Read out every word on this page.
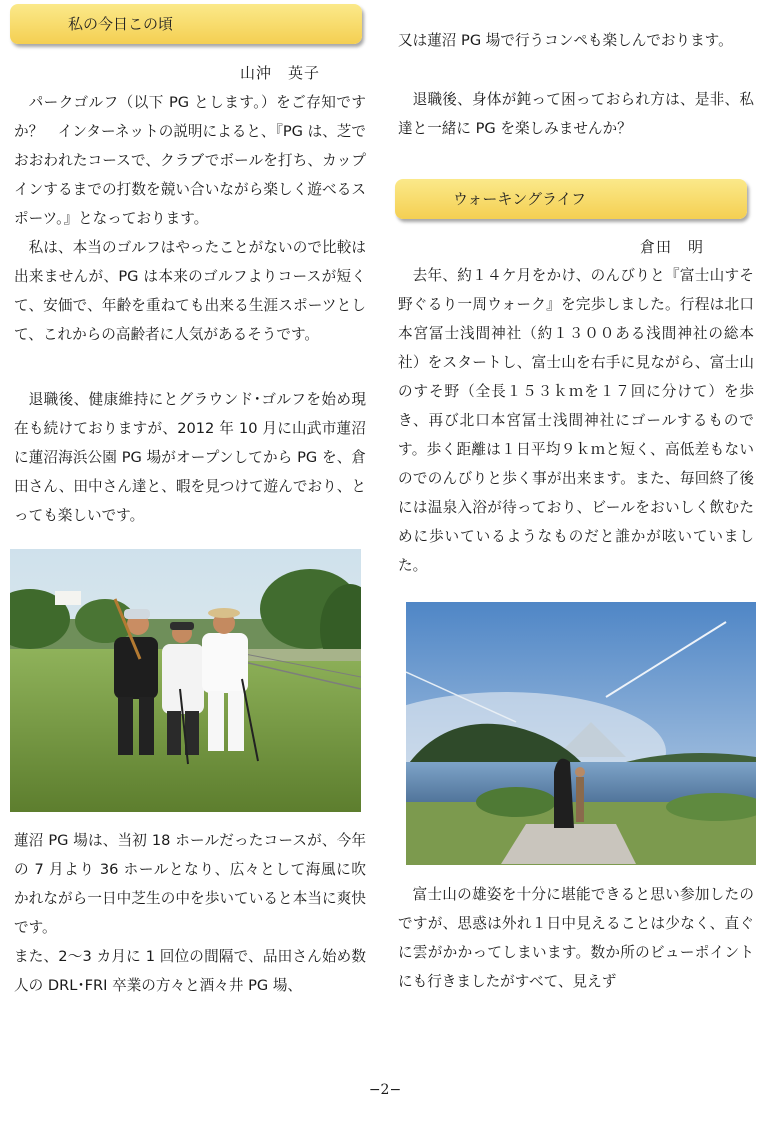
私の今日この頃
山沖　英子

パークゴルフ（以下 PG とします。）をご存知ですか？　インターネットの説明によると、『PG は、芝でおおわれたコースで、クラブでボールを打ち、カップインするまでの打数を競い合いながら楽しく遊べるスポーツ。』となっております。

私は、本当のゴルフはやったことがないので比較は出来ませんが、PG は本来のゴルフよりコースが短くて、安価で、年齢を重ねても出来る生涯スポーツとして、これからの高齢者に人気があるそうです。

退職後、健康維持にとグラウンド･ゴルフを始め現在も続けておりますが、2012 年 10 月に山武市蓮沼に蓮沼海浜公園 PG 場がオープンしてから PG を、倉田さん、田中さん達と、暇を見つけて遊んでおり、とっても楽しいです。

蓮沼 PG 場は、当初 18 ホールだったコースが、今年の 7 月より 36 ホールとなり、広々として海風に吹かれながら一日中芝生の中を歩いていると本当に爽快です。

また、2～3 カ月に 1 回位の間隔で、品田さん始め数人の DRL･FRI 卒業の方々と酒々井 PG 場、

又は蓮沼 PG 場で行うコンペも楽しんでおります。

退職後、身体が鈍って困っておられ方は、是非、私達と一緒に PG を楽しみませんか？

ウォーキングライフ
倉田　明

去年、約１４ケ月をかけ、のんびりと『富士山すそ野ぐるり一周ウォーク』を完歩しました。行程は北口本宮冨士浅間神社（約１３００ある浅間神社の総本社）をスタートし、富士山を右手に見ながら、富士山のすそ野（全長１５３ｋｍを１７回に分けて）を歩き、再び北口本宮冨士浅間神社にゴールするものです。歩く距離は１日平均９ｋｍと短く、高低差もないのでのんびりと歩く事が出来ます。また、毎回終了後には温泉入浴が待っており、ビールをおいしく飲むために歩いているようなものだと誰かが呟いていました。

富士山の雄姿を十分に堪能できると思い参加したのですが、思惑は外れ１日中見えることは少なく、直ぐに雲がかかってしまいます。数か所のビューポイントにも行きましたがすべて、見えず

−2−
